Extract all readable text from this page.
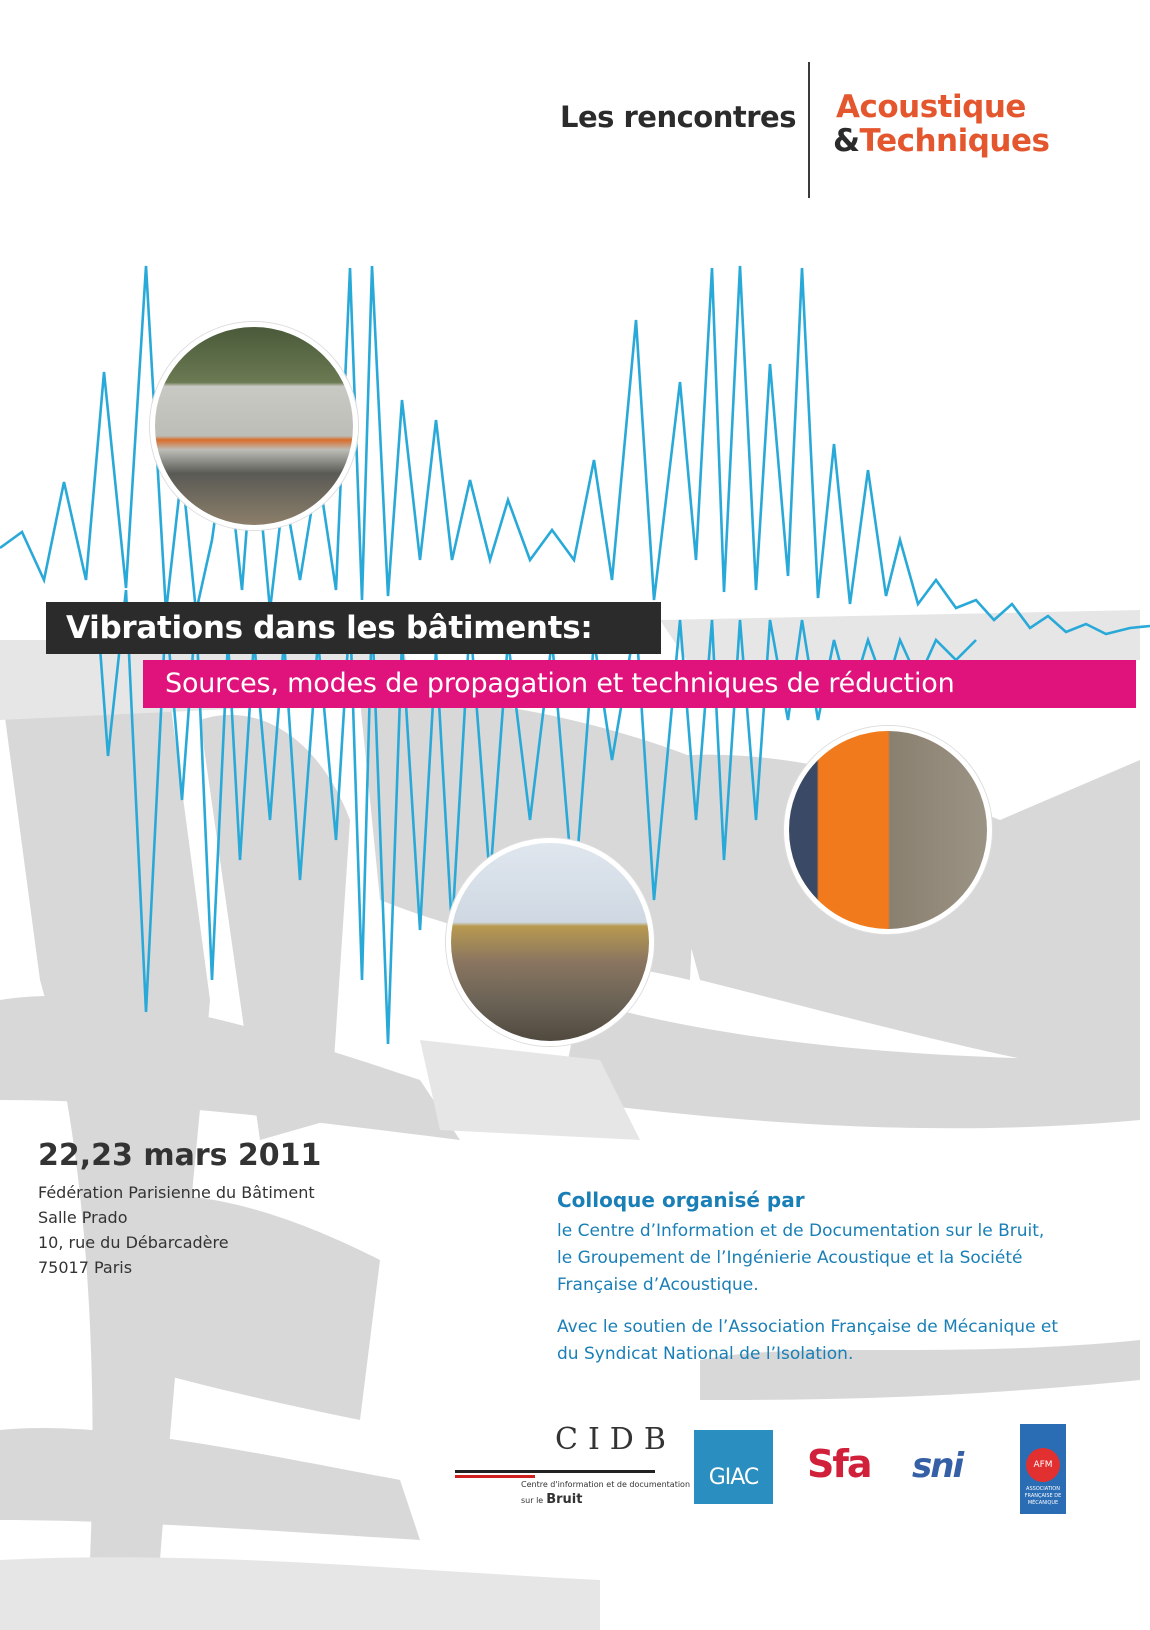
Les rencontres Acoustique
&Techniques
Vibrations dans les bâtiments:
Sources, modes de propagation et techniques de réduction
22,23 mars 2011
Fédération Parisienne du Bâtiment
Salle Prado
10, rue du Débarcadère
75017 Paris
Colloque organisé par
le Centre d’Information et de Documentation sur le Bruit,
le Groupement de l’Ingénierie Acoustique et la Société
Française d’Acoustique.
Avec le soutien de l’Association Française de Mécanique et
du Syndicat National de l’Isolation.
CIDB
Centre d'information et de documentation
sur le Bruit
GIAC	Sfa sni	AFM
ASSOCIATION FRANÇAISE DE MÉCANIQUE
